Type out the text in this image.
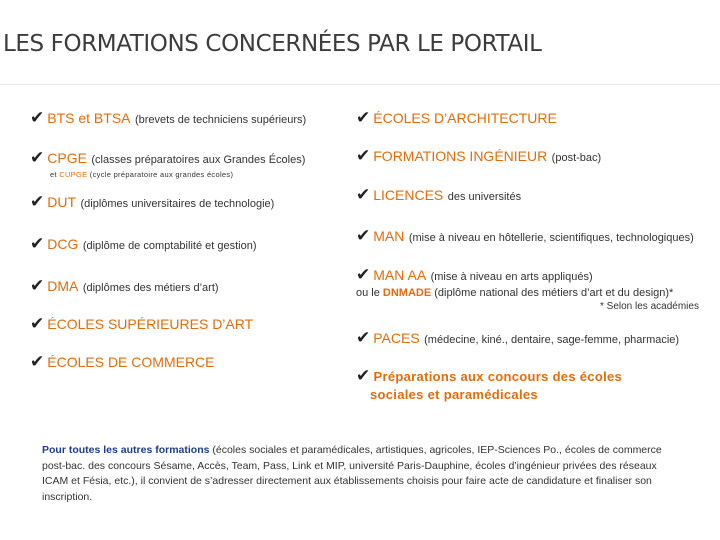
LES FORMATIONS CONCERNÉES PAR LE PORTAIL
✔ BTS et BTSA (brevets de techniciens supérieurs)
✔ CPGE (classes préparatoires aux Grandes Écoles)
et CUPGE (cycle préparatoire aux grandes écoles)
✔ DUT (diplômes universitaires de technologie)
✔ DCG (diplôme de comptabilité et gestion)
✔ DMA (diplômes des métiers d’art)
✔ ÉCOLES SUPÉRIEURES D’ART
✔ ÉCOLES DE COMMERCE
✔ ÉCOLES D’ARCHITECTURE
✔ FORMATIONS INGÉNIEUR (post-bac)
✔ LICENCES des universités
✔ MAN (mise à niveau en hôtellerie, scientifiques, technologiques)
✔ MAN AA (mise à niveau en arts appliqués)
ou le DNMADE (diplôme national des métiers d’art et du design)*
* Selon les académies
✔ PACES (médecine, kiné., dentaire, sage-femme, pharmacie)
✔ Préparations aux concours des écoles
sociales et paramédicales
Pour toutes les autres formations (écoles sociales et paramédicales, artistiques, agricoles, IEP-Sciences Po., écoles de commerce post-bac. des concours Sésame, Accès, Team, Pass, Link et MIP, université Paris-Dauphine, écoles d’ingénieur privées des réseaux ICAM et Fésia, etc.), il convient de s’adresser directement aux établissements choisis pour faire acte de candidature et finaliser son inscription.
